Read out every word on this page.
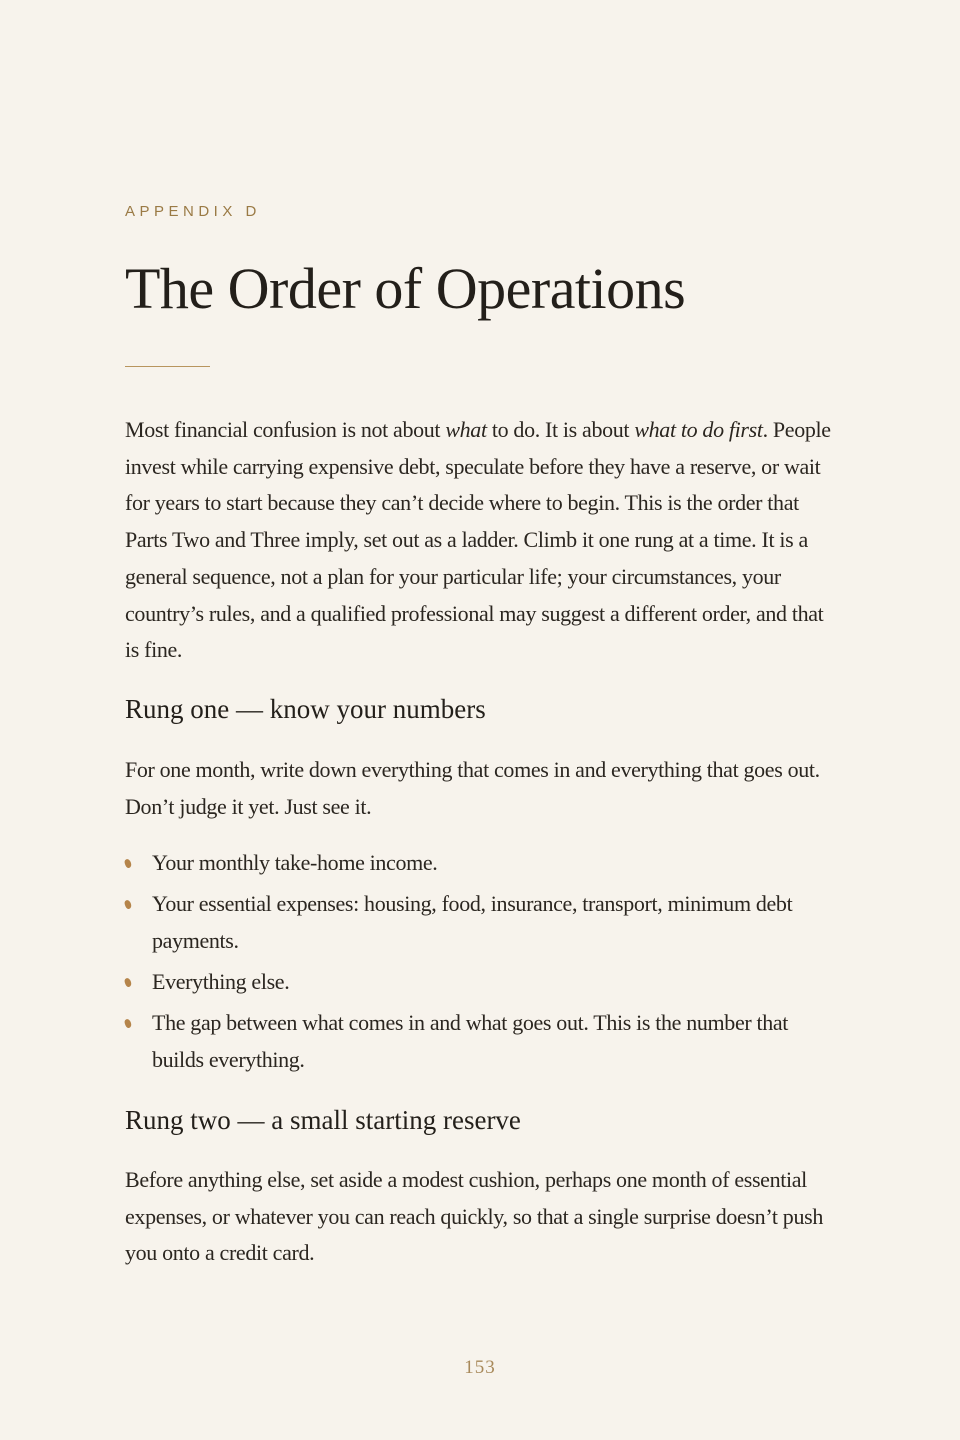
APPENDIX D
The Order of Operations

Most financial confusion is not about what to do. It is about what to do first. People invest while carrying expensive debt, speculate before they have a reserve, or wait for years to start because they can’t decide where to begin. This is the order that Parts Two and Three imply, set out as a ladder. Climb it one rung at a time. It is a general sequence, not a plan for your particular life; your circumstances, your country’s rules, and a qualified professional may suggest a different order, and that is fine.

Rung one — know your numbers

For one month, write down everything that comes in and everything that goes out. Don’t judge it yet. Just see it.

Your monthly take-home income.
Your essential expenses: housing, food, insurance, transport, minimum debt payments.
Everything else.
The gap between what comes in and what goes out. This is the number that builds everything.
Rung two — a small starting reserve

Before anything else, set aside a modest cushion, perhaps one month of essential expenses, or whatever you can reach quickly, so that a single surprise doesn’t push you onto a credit card.

153
